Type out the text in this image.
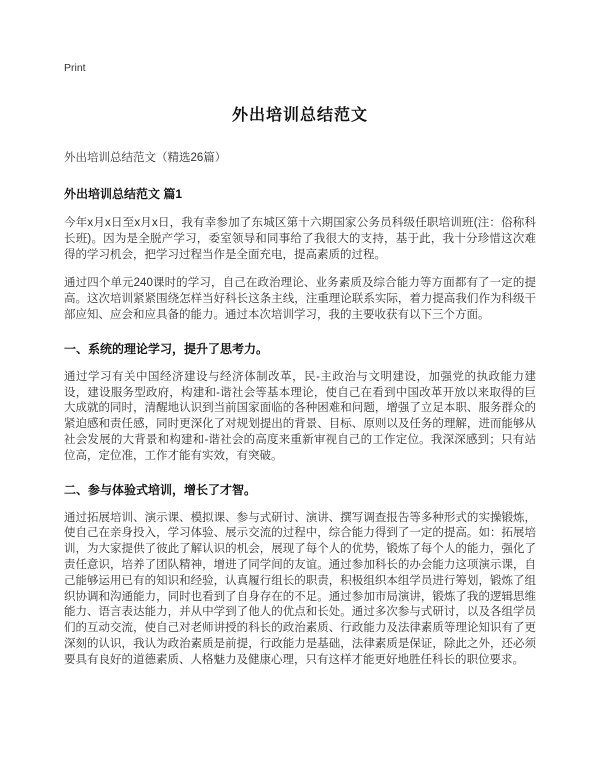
Print
外出培训总结范文

外出培训总结范文（精选26篇）

外出培训总结范文 篇1

今年x月x日至x月x日，我有幸参加了东城区第十六期国家公务员科级任职培训班(注：俗称科长班)。因为是全脱产学习，委室领导和同事给了我很大的支持，基于此，我十分珍惜这次难得的学习机会，把学习过程当作是全面充电，提高素质的过程。

通过四个单元240课时的学习，自己在政治理论、业务素质及综合能力等方面都有了一定的提高。这次培训紧紧围绕怎样当好科长这条主线，注重理论联系实际，着力提高我们作为科级干部应知、应会和应具备的能力。通过本次培训学习，我的主要收获有以下三个方面。

一、系统的理论学习，提升了思考力。

通过学习有关中国经济建设与经济体制改革，民-主政治与文明建设，加强党的执政能力建设，建设服务型政府，构建和-谐社会等基本理论，使自己在看到中国改革开放以来取得的巨大成就的同时，清醒地认识到当前国家面临的各种困难和问题，增强了立足本职、服务群众的紧迫感和责任感，同时更深化了对规划提出的背景、目标、原则以及任务的理解，进而能够从社会发展的大背景和构建和-谐社会的高度来重新审视自己的工作定位。我深深感到；只有站位高，定位准，工作才能有实效，有突破。

二、参与体验式培训，增长了才智。

通过拓展培训、演示课、模拟课、参与式研讨、演讲、撰写调查报告等多种形式的实操锻炼，使自己在亲身投入，学习体验、展示交流的过程中，综合能力得到了一定的提高。如：拓展培训，为大家提供了彼此了解认识的机会，展现了每个人的优势，锻炼了每个人的能力，强化了责任意识，培养了团队精神，增进了同学间的友谊。通过参加科长的办会能力这项演示课，自己能够运用已有的知识和经验，认真履行组长的职责，积极组织本组学员进行筹划，锻炼了组织协调和沟通能力，同时也看到了自身存在的不足。通过参加市局演讲，锻炼了我的逻辑思维能力、语言表达能力，并从中学到了他人的优点和长处。通过多次参与式研讨，以及各组学员们的互动交流，使自己对老师讲授的科长的政治素质、行政能力及法律素质等理论知识有了更深刻的认识，我认为政治素质是前提，行政能力是基础，法律素质是保证，除此之外，还必须要具有良好的道德素质、人格魅力及健康心理，只有这样才能更好地胜任科长的职位要求。
